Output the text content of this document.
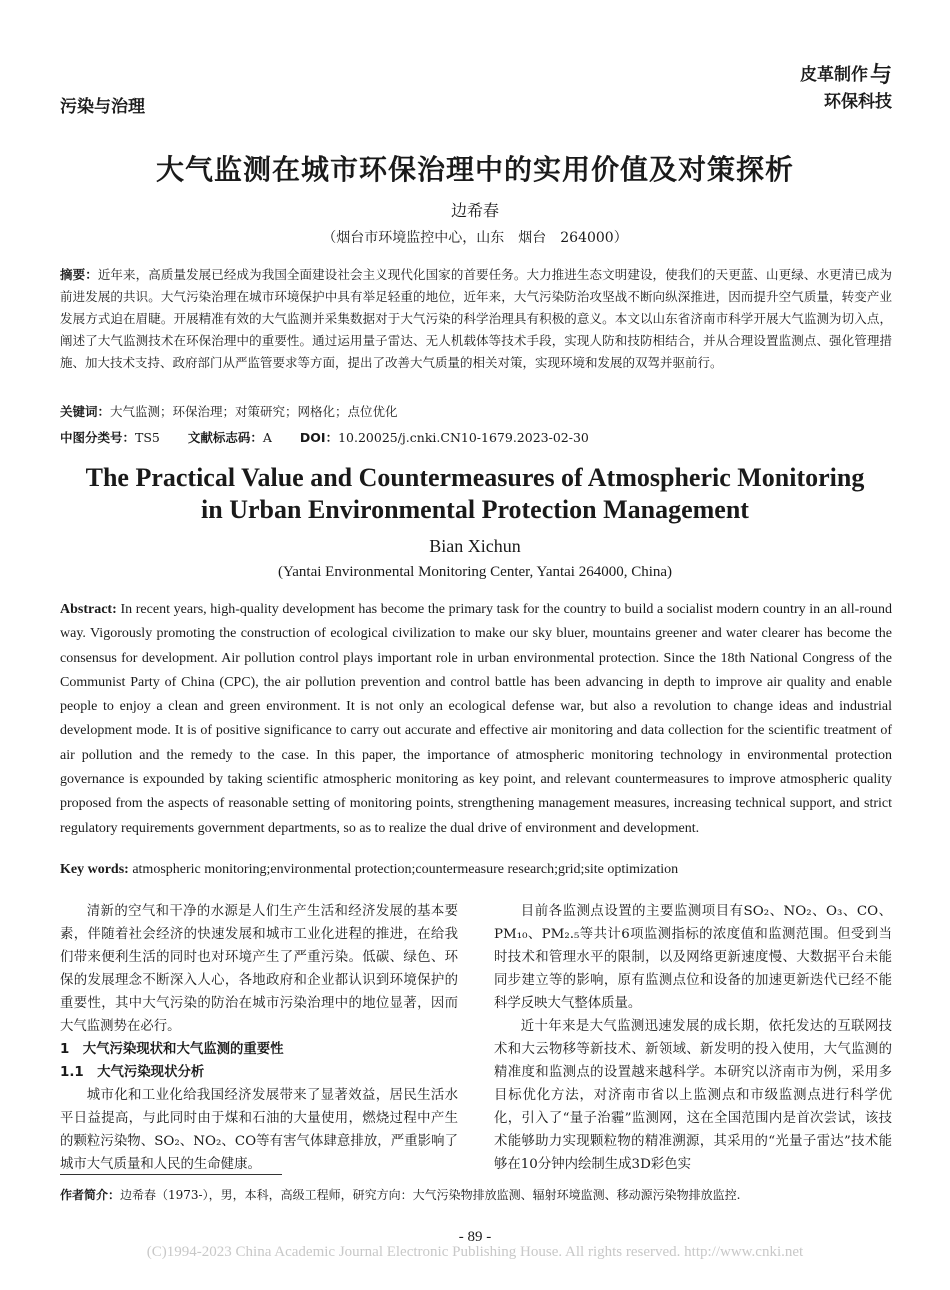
污染与治理
皮革制作与
环保科技
大气监测在城市环保治理中的实用价值及对策探析
边希春
（烟台市环境监控中心，山东　烟台　264000）
摘要：近年来，高质量发展已经成为我国全面建设社会主义现代化国家的首要任务。大力推进生态文明建设，使我们的天更蓝、山更绿、水更清已成为前进发展的共识。大气污染治理在城市环境保护中具有举足轻重的地位，近年来，大气污染防治攻坚战不断向纵深推进，因而提升空气质量，转变产业发展方式迫在眉睫。开展精准有效的大气监测并采集数据对于大气污染的科学治理具有积极的意义。本文以山东省济南市科学开展大气监测为切入点，阐述了大气监测技术在环保治理中的重要性。通过运用量子雷达、无人机载体等技术手段，实现人防和技防相结合，并从合理设置监测点、强化管理措施、加大技术支持、政府部门从严监管要求等方面，提出了改善大气质量的相关对策，实现环境和发展的双驾并驱前行。
关键词：大气监测；环保治理；对策研究；网格化；点位优化
中图分类号：TS5 文献标志码：A DOI：10.20025/j.cnki.CN10-1679.2023-02-30
The Practical Value and Countermeasures of Atmospheric Monitoring
in Urban Environmental Protection Management
Bian Xichun
(Yantai Environmental Monitoring Center, Yantai 264000, China)
Abstract: In recent years, high-quality development has become the primary task for the country to build a socialist modern country in an all-round way. Vigorously promoting the construction of ecological civilization to make our sky bluer, mountains greener and water clearer has become the consensus for development. Air pollution control plays important role in urban environmental protection. Since the 18th National Congress of the Communist Party of China (CPC), the air pollution prevention and control battle has been advancing in depth to improve air quality and enable people to enjoy a clean and green environment. It is not only an ecological defense war, but also a revolution to change ideas and industrial development mode. It is of positive significance to carry out accurate and effective air monitoring and data collection for the scientific treatment of air pollution and the remedy to the case. In this paper, the importance of atmospheric monitoring technology in environmental protection governance is expounded by taking scientific atmospheric monitoring as key point, and relevant countermeasures to improve atmospheric quality proposed from the aspects of reasonable setting of monitoring points, strengthening management measures, increasing technical support, and strict regulatory requirements government departments, so as to realize the dual drive of environment and development.
Key words: atmospheric monitoring;environmental protection;countermeasure research;grid;site optimization

清新的空气和干净的水源是人们生产生活和经济发展的基本要素，伴随着社会经济的快速发展和城市工业化进程的推进，在给我们带来便利生活的同时也对环境产生了严重污染。低碳、绿色、环保的发展理念不断深入人心，各地政府和企业都认识到环境保护的重要性，其中大气污染的防治在城市污染治理中的地位显著，因而大气监测势在必行。

1　大气污染现状和大气监测的重要性

1.1　大气污染现状分析

城市化和工业化给我国经济发展带来了显著效益，居民生活水平日益提高，与此同时由于煤和石油的大量使用，燃烧过程中产生的颗粒污染物、SO₂、NO₂、CO等有害气体肆意排放，严重影响了城市大气质量和人民的生命健康。

目前各监测点设置的主要监测项目有SO₂、NO₂、O₃、CO、PM₁₀、PM₂.₅等共计6项监测指标的浓度值和监测范围。但受到当时技术和管理水平的限制，以及网络更新速度慢、大数据平台未能同步建立等的影响，原有监测点位和设备的加速更新迭代已经不能科学反映大气整体质量。

近十年来是大气监测迅速发展的成长期，依托发达的互联网技术和大云物移等新技术、新领域、新发明的投入使用，大气监测的精准度和监测点的设置越来越科学。本研究以济南市为例，采用多目标优化方法，对济南市省以上监测点和市级监测点进行科学优化，引入了“量子治霾”监测网，这在全国范围内是首次尝试，该技术能够助力实现颗粒物的精准溯源，其采用的“光量子雷达”技术能够在10分钟内绘制生成3D彩色实

作者简介：边希春（1973-），男，本科，高级工程师，研究方向：大气污染物排放监测、辐射环境监测、移动源污染物排放监控.
- 89 -
(C)1994-2023 China Academic Journal Electronic Publishing House. All rights reserved. http://www.cnki.net
